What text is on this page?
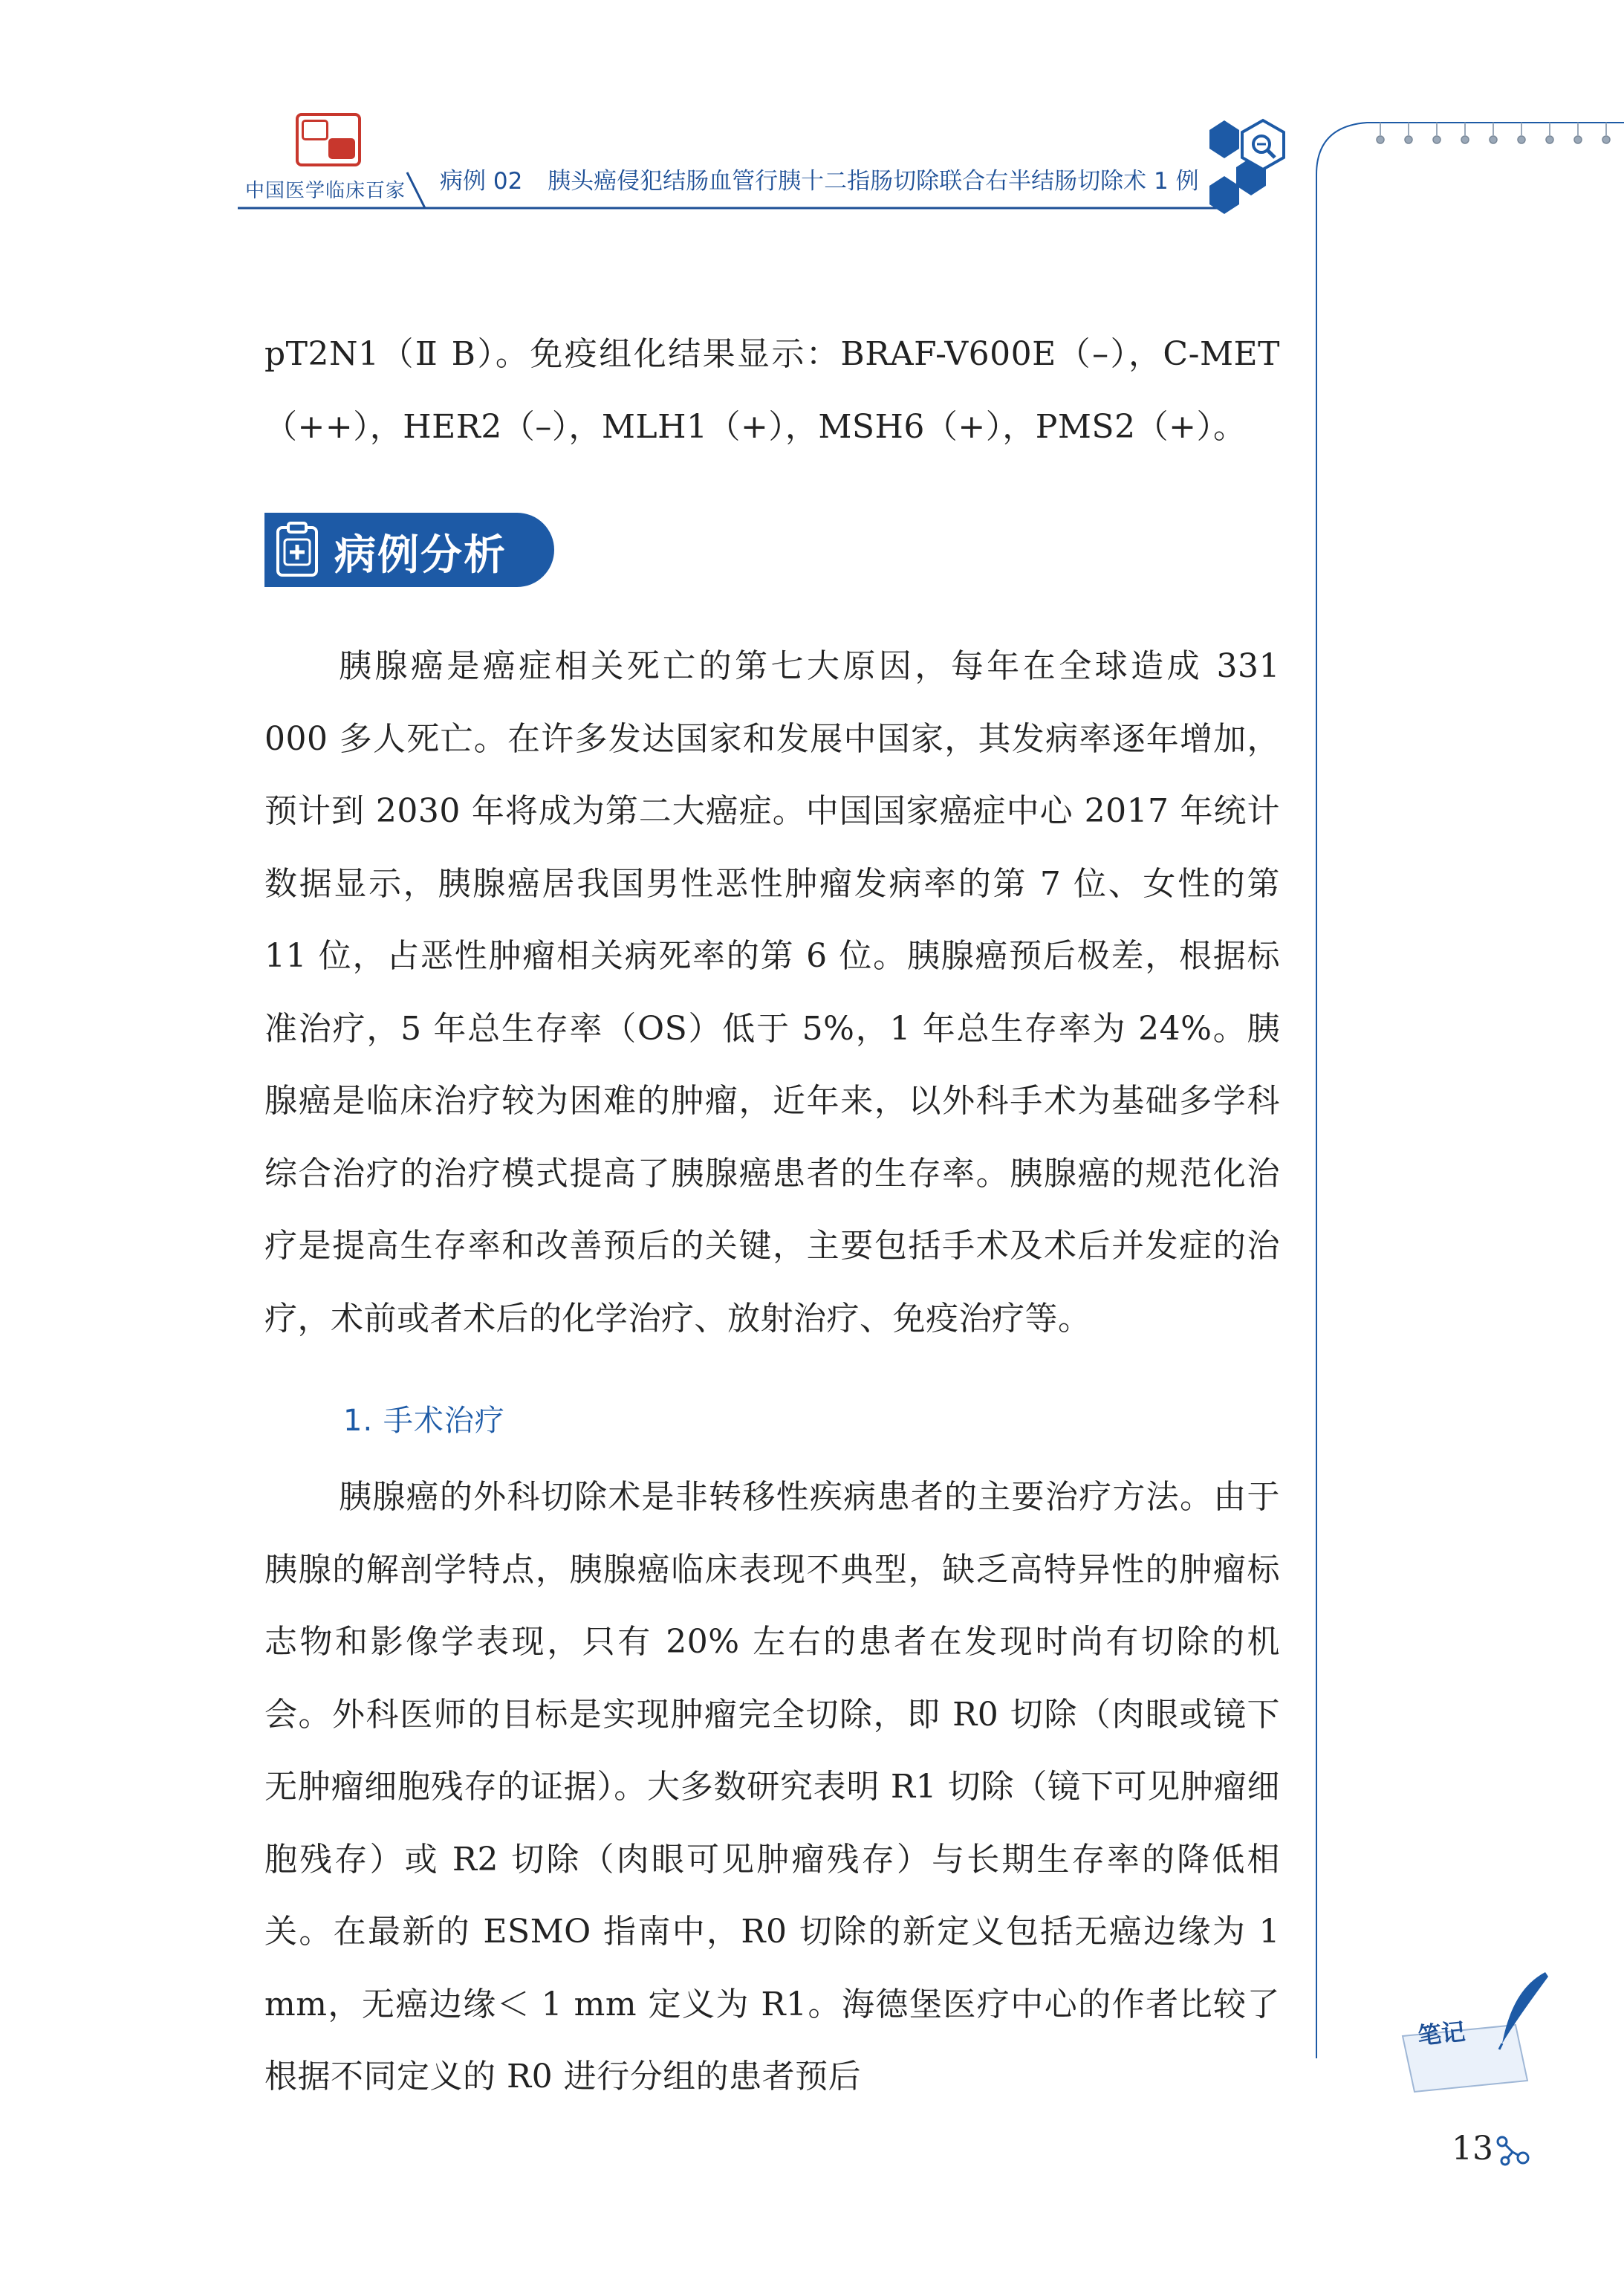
中国医学临床百家	病例 02 胰头癌侵犯结肠血管行胰十二指肠切除联合右半结肠切除术 1 例
笔记
pT2N1（Ⅱ B）。免疫组化结果显示：BRAF-V600E（–），C-MET（++），HER2（–），MLH1（+），MSH6（+），PMS2（+）。
病例分析
胰腺癌是癌症相关死亡的第七大原因，每年在全球造成 331 000 多人死亡。在许多发达国家和发展中国家，其发病率逐年增加，预计到 2030 年将成为第二大癌症。中国国家癌症中心 2017 年统计数据显示，胰腺癌居我国男性恶性肿瘤发病率的第 7 位、女性的第 11 位，占恶性肿瘤相关病死率的第 6 位。胰腺癌预后极差，根据标准治疗，5 年总生存率（OS）低于 5%，1 年总生存率为 24%。胰腺癌是临床治疗较为困难的肿瘤，近年来，以外科手术为基础多学科综合治疗的治疗模式提高了胰腺癌患者的生存率。胰腺癌的规范化治疗是提高生存率和改善预后的关键，主要包括手术及术后并发症的治疗，术前或者术后的化学治疗、放射治疗、免疫治疗等。
1. 手术治疗
胰腺癌的外科切除术是非转移性疾病患者的主要治疗方法。由于胰腺的解剖学特点，胰腺癌临床表现不典型，缺乏高特异性的肿瘤标志物和影像学表现，只有 20% 左右的患者在发现时尚有切除的机会。外科医师的目标是实现肿瘤完全切除，即 R0 切除（肉眼或镜下无肿瘤细胞残存的证据）。大多数研究表明 R1 切除（镜下可见肿瘤细胞残存）或 R2 切除（肉眼可见肿瘤残存）与长期生存率的降低相关。在最新的 ESMO 指南中，R0 切除的新定义包括无癌边缘为 1 mm，无癌边缘＜ 1 mm 定义为 R1。海德堡医疗中心的作者比较了根据不同定义的 R0 进行分组的患者预后
13
